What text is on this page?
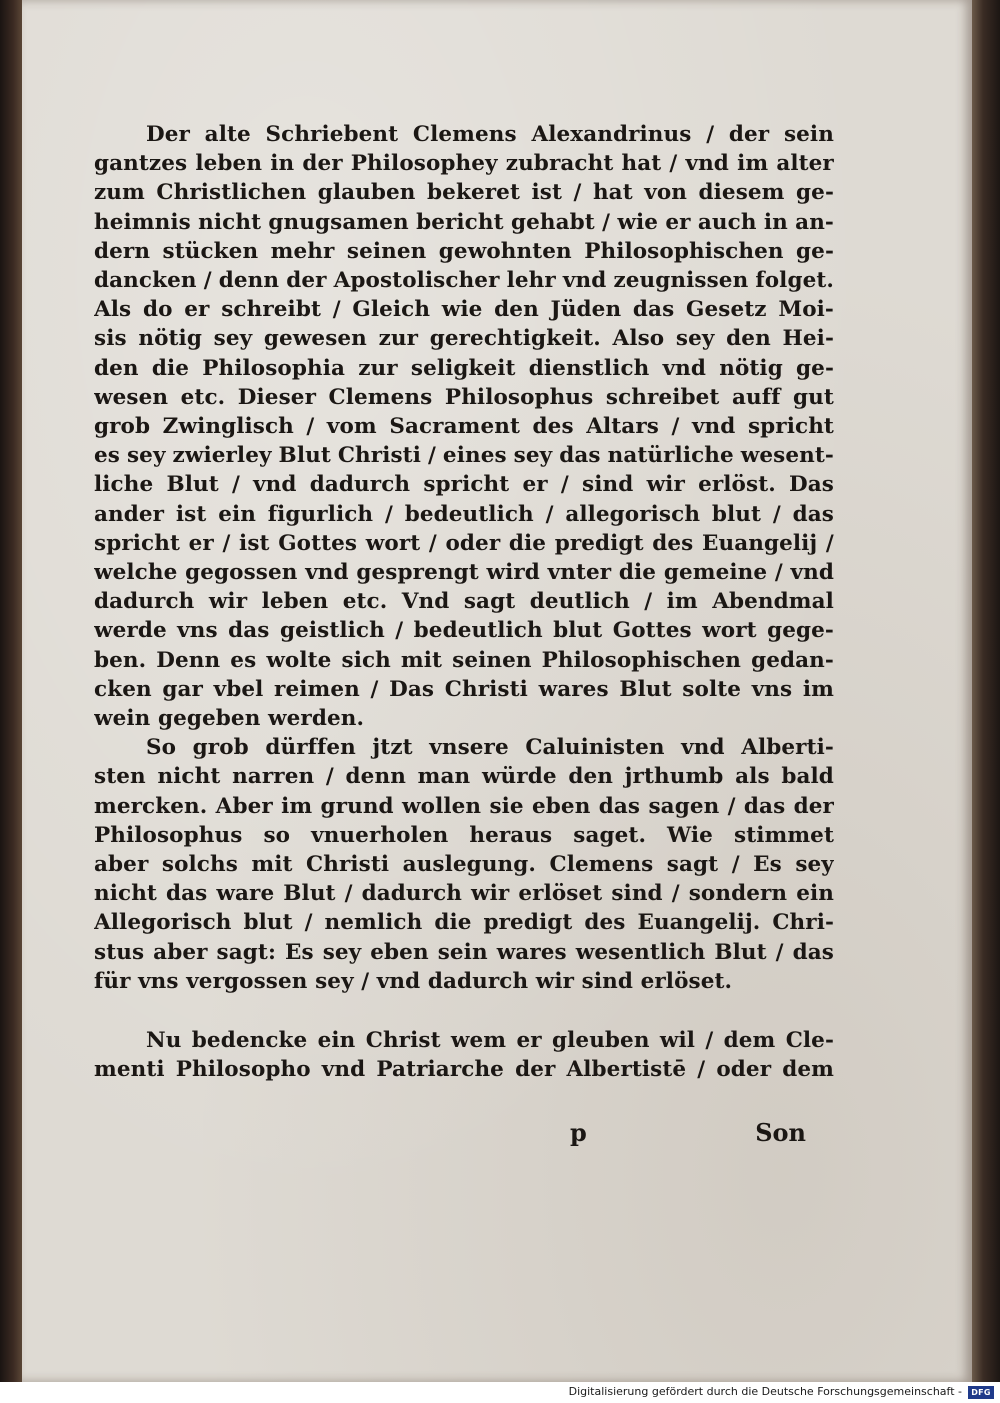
Der alte Schriebent Clemens Alexandrinus / der sein
gantzes leben in der Philosophey zubracht hat / vnd im alter
zum Christlichen glauben bekeret ist / hat von diesem ge-
heimnis nicht gnugsamen bericht gehabt / wie er auch in an-
dern stücken mehr seinen gewohnten Philosophischen ge-
dancken / denn der Apostolischer lehr vnd zeugnissen folget.
Als do er schreibt / Gleich wie den Jüden das Gesetz Moi-
sis nötig sey gewesen zur gerechtigkeit. Also sey den Hei-
den die Philosophia zur seligkeit dienstlich vnd nötig ge-
wesen etc. Dieser Clemens Philosophus schreibet auff gut
grob Zwinglisch / vom Sacrament des Altars / vnd spricht
es sey zwierley Blut Christi / eines sey das natürliche wesent-
liche Blut / vnd dadurch spricht er / sind wir erlöst. Das
ander ist ein figurlich / bedeutlich / allegorisch blut / das
spricht er / ist Gottes wort / oder die predigt des Euangelij /
welche gegossen vnd gesprengt wird vnter die gemeine / vnd
dadurch wir leben etc. Vnd sagt deutlich / im Abendmal
werde vns das geistlich / bedeutlich blut Gottes wort gege-
ben. Denn es wolte sich mit seinen Philosophischen gedan-
cken gar vbel reimen / Das Christi wares Blut solte vns im
wein gegeben werden.
So grob dürffen jtzt vnsere Caluinisten vnd Alberti-
sten nicht narren / denn man würde den jrthumb als bald
mercken. Aber im grund wollen sie eben das sagen / das der
Philosophus so vnuerholen heraus saget. Wie stimmet
aber solchs mit Christi auslegung. Clemens sagt / Es sey
nicht das ware Blut / dadurch wir erlöset sind / sondern ein
Allegorisch blut / nemlich die predigt des Euangelij. Chri-
stus aber sagt: Es sey eben sein wares wesentlich Blut / das
für vns vergossen sey / vnd dadurch wir sind erlöset.
Nu bedencke ein Christ wem er gleuben wil / dem Cle-
menti Philosopho vnd Patriarche der Albertistē / oder dem
p	Son
Digitalisierung gefördert durch die Deutsche Forschungsgemeinschaft -	DFG
